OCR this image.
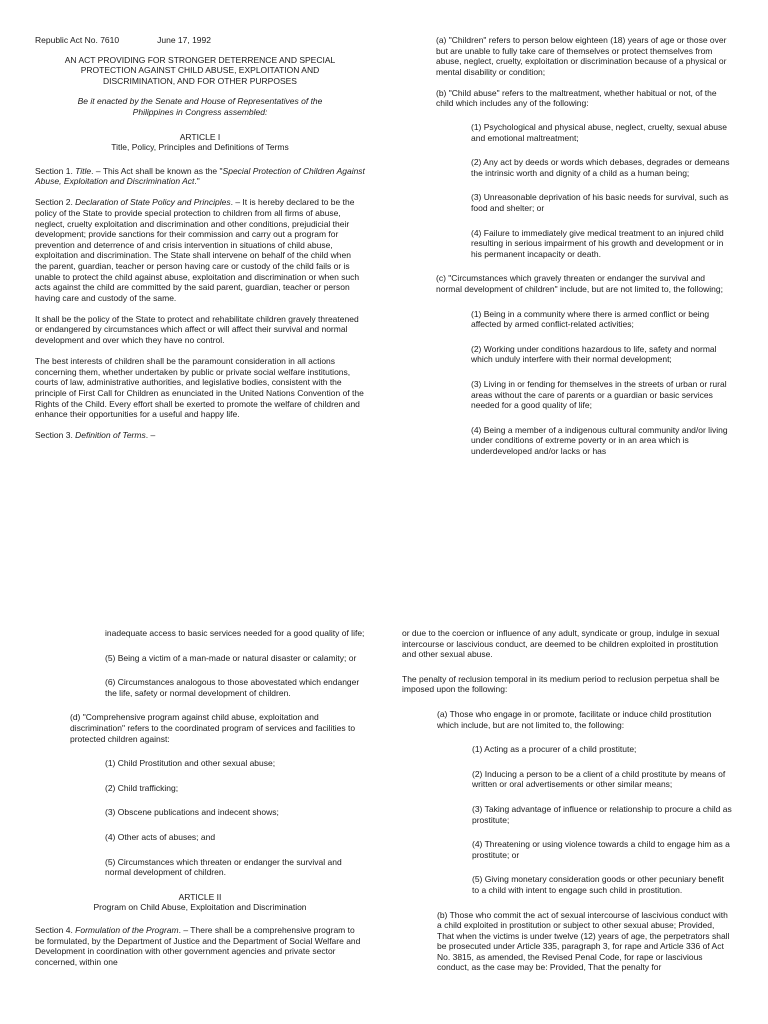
Republic Act No. 7610	June 17, 1992
AN ACT PROVIDING FOR STRONGER DETERRENCE AND SPECIAL
PROTECTION AGAINST CHILD ABUSE, EXPLOITATION AND
DISCRIMINATION, AND FOR OTHER PURPOSES

Be it enacted by the Senate and House of Representatives of the
Philippines in Congress assembled:

ARTICLE I
Title, Policy, Principles and Definitions of Terms

Section 1. Title. – This Act shall be known as the "Special Protection of Children Against Abuse, Exploitation and Discrimination Act."

Section 2. Declaration of State Policy and Principles. – It is hereby declared to be the policy of the State to provide special protection to children from all firms of abuse, neglect, cruelty exploitation and discrimination and other conditions, prejudicial their development; provide sanctions for their commission and carry out a program for prevention and deterrence of and crisis intervention in situations of child abuse, exploitation and discrimination. The State shall intervene on behalf of the child when the parent, guardian, teacher or person having care or custody of the child fails or is unable to protect the child against abuse, exploitation and discrimination or when such acts against the child are committed by the said parent, guardian, teacher or person having care and custody of the same.

It shall be the policy of the State to protect and rehabilitate children gravely threatened or endangered by circumstances which affect or will affect their survival and normal development and over which they have no control.

The best interests of children shall be the paramount consideration in all actions concerning them, whether undertaken by public or private social welfare institutions, courts of law, administrative authorities, and legislative bodies, consistent with the principle of First Call for Children as enunciated in the United Nations Convention of the Rights of the Child. Every effort shall be exerted to promote the welfare of children and enhance their opportunities for a useful and happy life.

Section 3. Definition of Terms. –

(a) "Children" refers to person below eighteen (18) years of age or those over but are unable to fully take care of themselves or protect themselves from abuse, neglect, cruelty, exploitation or discrimination because of a physical or mental disability or condition;

(b) "Child abuse" refers to the maltreatment, whether habitual or not, of the child which includes any of the following:

(1) Psychological and physical abuse, neglect, cruelty, sexual abuse and emotional maltreatment;

(2) Any act by deeds or words which debases, degrades or demeans the intrinsic worth and dignity of a child as a human being;

(3) Unreasonable deprivation of his basic needs for survival, such as food and shelter; or

(4) Failure to immediately give medical treatment to an injured child resulting in serious impairment of his growth and development or in his permanent incapacity or death.

(c) "Circumstances which gravely threaten or endanger the survival and normal development of children" include, but are not limited to, the following;

(1) Being in a community where there is armed conflict or being affected by armed conflict-related activities;

(2) Working under conditions hazardous to life, safety and normal which unduly interfere with their normal development;

(3) Living in or fending for themselves in the streets of urban or rural areas without the care of parents or a guardian or basic services needed for a good quality of life;

(4) Being a member of a indigenous cultural community and/or living under conditions of extreme poverty or in an area which is underdeveloped and/or lacks or has

inadequate access to basic services needed for a good quality of life;

(5) Being a victim of a man-made or natural disaster or calamity; or

(6) Circumstances analogous to those abovestated which endanger the life, safety or normal development of children.

(d) "Comprehensive program against child abuse, exploitation and discrimination" refers to the coordinated program of services and facilities to protected children against:

(1) Child Prostitution and other sexual abuse;

(2) Child trafficking;

(3) Obscene publications and indecent shows;

(4) Other acts of abuses; and

(5) Circumstances which threaten or endanger the survival and normal development of children.

ARTICLE II
Program on Child Abuse, Exploitation and Discrimination

Section 4. Formulation of the Program. – There shall be a comprehensive program to be formulated, by the Department of Justice and the Department of Social Welfare and Development in coordination with other government agencies and private sector concerned, within one

or due to the coercion or influence of any adult, syndicate or group, indulge in sexual intercourse or lascivious conduct, are deemed to be children exploited in prostitution and other sexual abuse.

The penalty of reclusion temporal in its medium period to reclusion perpetua shall be imposed upon the following:

(a) Those who engage in or promote, facilitate or induce child prostitution which include, but are not limited to, the following:

(1) Acting as a procurer of a child prostitute;

(2) Inducing a person to be a client of a child prostitute by means of written or oral advertisements or other similar means;

(3) Taking advantage of influence or relationship to procure a child as prostitute;

(4) Threatening or using violence towards a child to engage him as a prostitute; or

(5) Giving monetary consideration goods or other pecuniary benefit to a child with intent to engage such child in prostitution.

(b) Those who commit the act of sexual intercourse of lascivious conduct with a child exploited in prostitution or subject to other sexual abuse; Provided, That when the victims is under twelve (12) years of age, the perpetrators shall be prosecuted under Article 335, paragraph 3, for rape and Article 336 of Act No. 3815, as amended, the Revised Penal Code, for rape or lascivious conduct, as the case may be: Provided, That the penalty for
